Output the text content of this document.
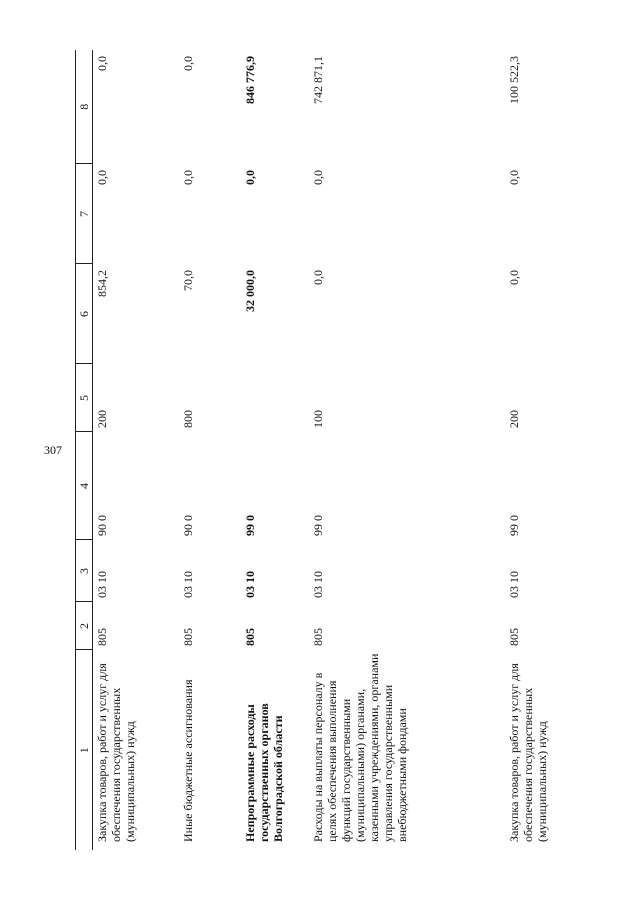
307
1	2	3	4	5	6	7	8
Закупка товаров, работ и услуг для обеспечения государственных (муниципальных) нужд	805	03 10	90 0	200	854,2	0,0	0,0
Иные бюджетные ассигнования	805	03 10	90 0	800	70,0	0,0	0,0
Непрограммные расходы государственных органов Волгоградской области	805	03 10	99 0		32 000,0	0,0	846 776,9
Расходы на выплаты персоналу в целях обеспечения выполнения функций государственными (муниципальными) органами, казенными учреждениями, органами управления государственными внебюджетными фондами	805	03 10	99 0	100	0,0	0,0	742 871,1
Закупка товаров, работ и услуг для обеспечения государственных (муниципальных) нужд	805	03 10	99 0	200	0,0	0,0	100 522,3
